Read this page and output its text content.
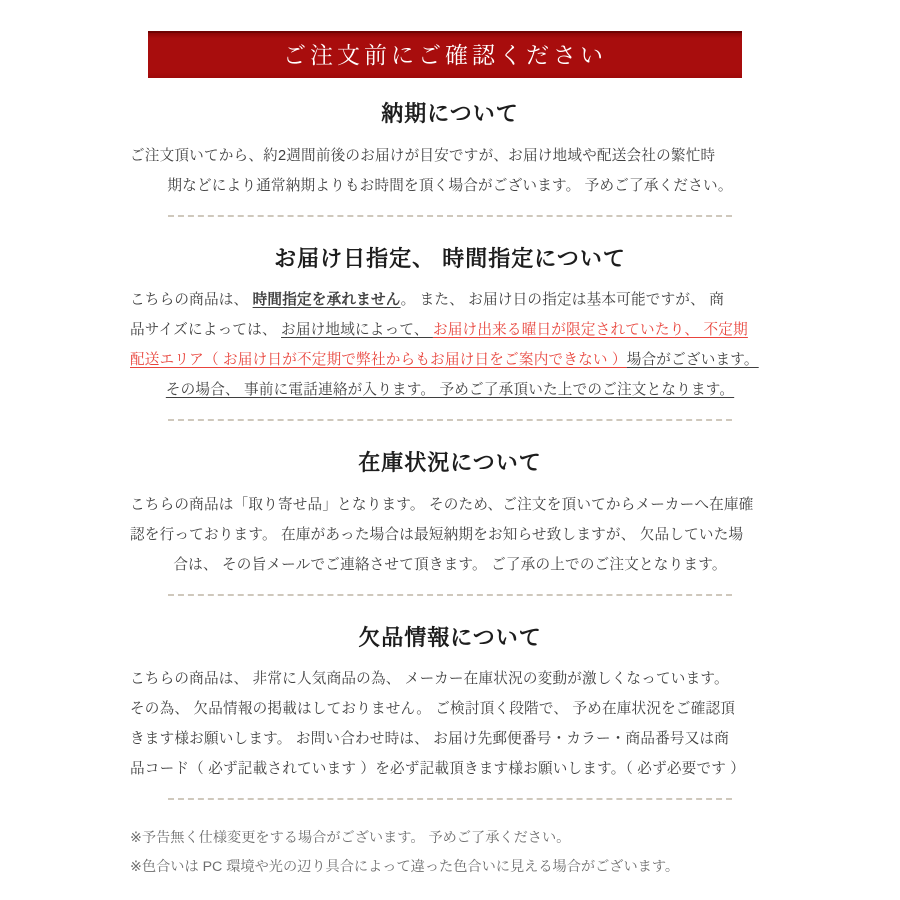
ご注文前にご確認ください
納期について
ご注文頂いてから、約2週間前後のお届けが目安ですが、お届け地域や配送会社の繁忙時
期などにより通常納期よりもお時間を頂く場合がございます。 予めご了承ください。
お届け日指定、 時間指定について
こちらの商品は、 時間指定を承れません。 また、 お届け日の指定は基本可能ですが、 商
品サイズによっては、 お届け地域によって、 お届け出来る曜日が限定されていたり、 不定期
配送エリア（ お届け日が不定期で弊社からもお届け日をご案内できない ）場合がございます。
その場合、 事前に電話連絡が入ります。 予めご了承頂いた上でのご注文となります。
在庫状況について
こちらの商品は「取り寄せ品」となります。 そのため、ご注文を頂いてからメーカーへ在庫確
認を行っております。 在庫があった場合は最短納期をお知らせ致しますが、 欠品していた場
合は、 その旨メールでご連絡させて頂きます。 ご了承の上でのご注文となります。
欠品情報について
こちらの商品は、 非常に人気商品の為、 メーカー在庫状況の変動が激しくなっています。
その為、 欠品情報の掲載はしておりません。 ご検討頂く段階で、 予め在庫状況をご確認頂
きます様お願いします。 お問い合わせ時は、 お届け先郵便番号・カラー・商品番号又は商
品コード（ 必ず記載されています ）を必ず記載頂きます様お願いします。（ 必ず必要です ）
※予告無く仕様変更をする場合がございます。 予めご了承ください。
※色合いは PC 環境や光の辺り具合によって違った色合いに見える場合がございます。
